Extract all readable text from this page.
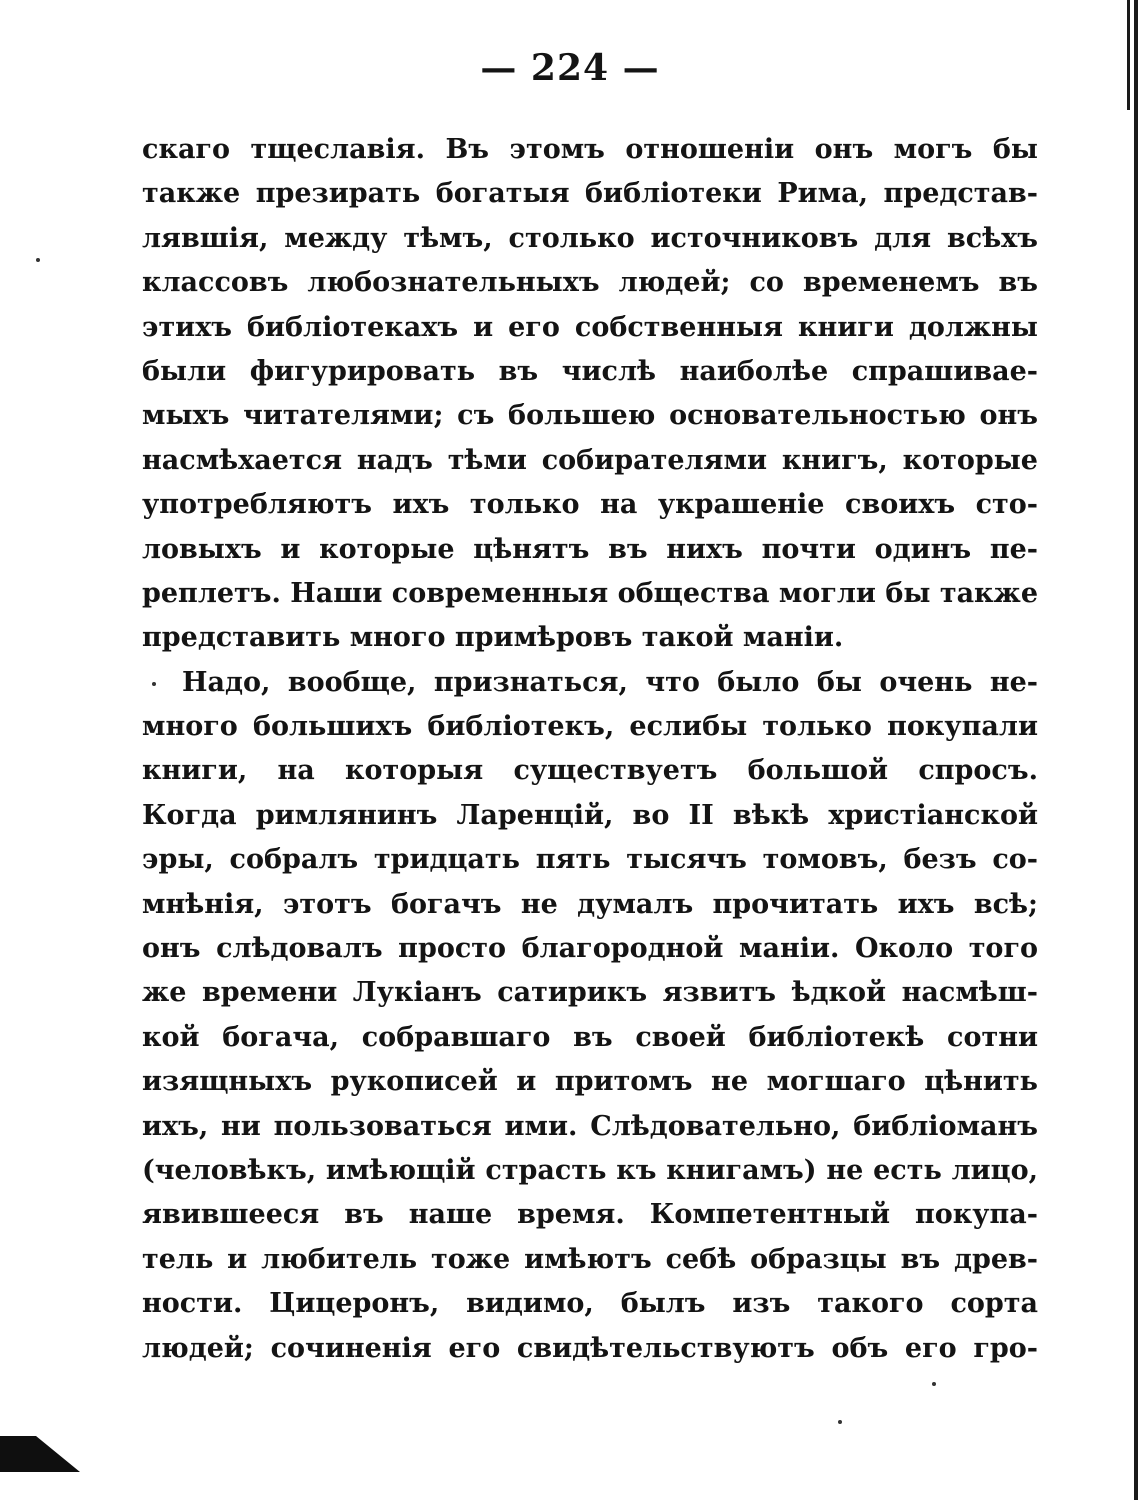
— 224 —
скаго тщеславія. Въ этомъ отношеніи онъ могъ бы
также презирать богатыя библіотеки Рима, представ-
лявшія, между тѣмъ, столько источниковъ для всѣхъ
классовъ любознательныхъ людей; со временемъ въ
этихъ библіотекахъ и его собственныя книги должны
были фигурировать въ числѣ наиболѣе спрашивае-
мыхъ читателями; съ большею основательностью онъ
насмѣхается надъ тѣми собирателями книгъ, которые
употребляютъ ихъ только на украшеніе своихъ сто-
ловыхъ и которые цѣнятъ въ нихъ почти одинъ пе-
реплетъ. Наши современныя общества могли бы также
представить много примѣровъ такой маніи.
Надо, вообще, признаться, что было бы очень не-
много большихъ библіотекъ, еслибы только покупали
книги, на которыя существуетъ большой спросъ.
Когда римлянинъ Ларенцій, во II вѣкѣ христіанской
эры, собралъ тридцать пять тысячъ томовъ, безъ со-
мнѣнія, этотъ богачъ не думалъ прочитать ихъ всѣ;
онъ слѣдовалъ просто благородной маніи. Около того
же времени Лукіанъ сатирикъ язвитъ ѣдкой насмѣш-
кой богача, собравшаго въ своей библіотекѣ сотни
изящныхъ рукописей и притомъ не могшаго цѣнить
ихъ, ни пользоваться ими. Слѣдовательно, библіоманъ
(человѣкъ, имѣющій страсть къ книгамъ) не есть лицо,
явившееся въ наше время. Компетентный покупа-
тель и любитель тоже имѣютъ себѣ образцы въ древ-
ности. Цицеронъ, видимо, былъ изъ такого сорта
людей; сочиненія его свидѣтельствуютъ объ его гро-
